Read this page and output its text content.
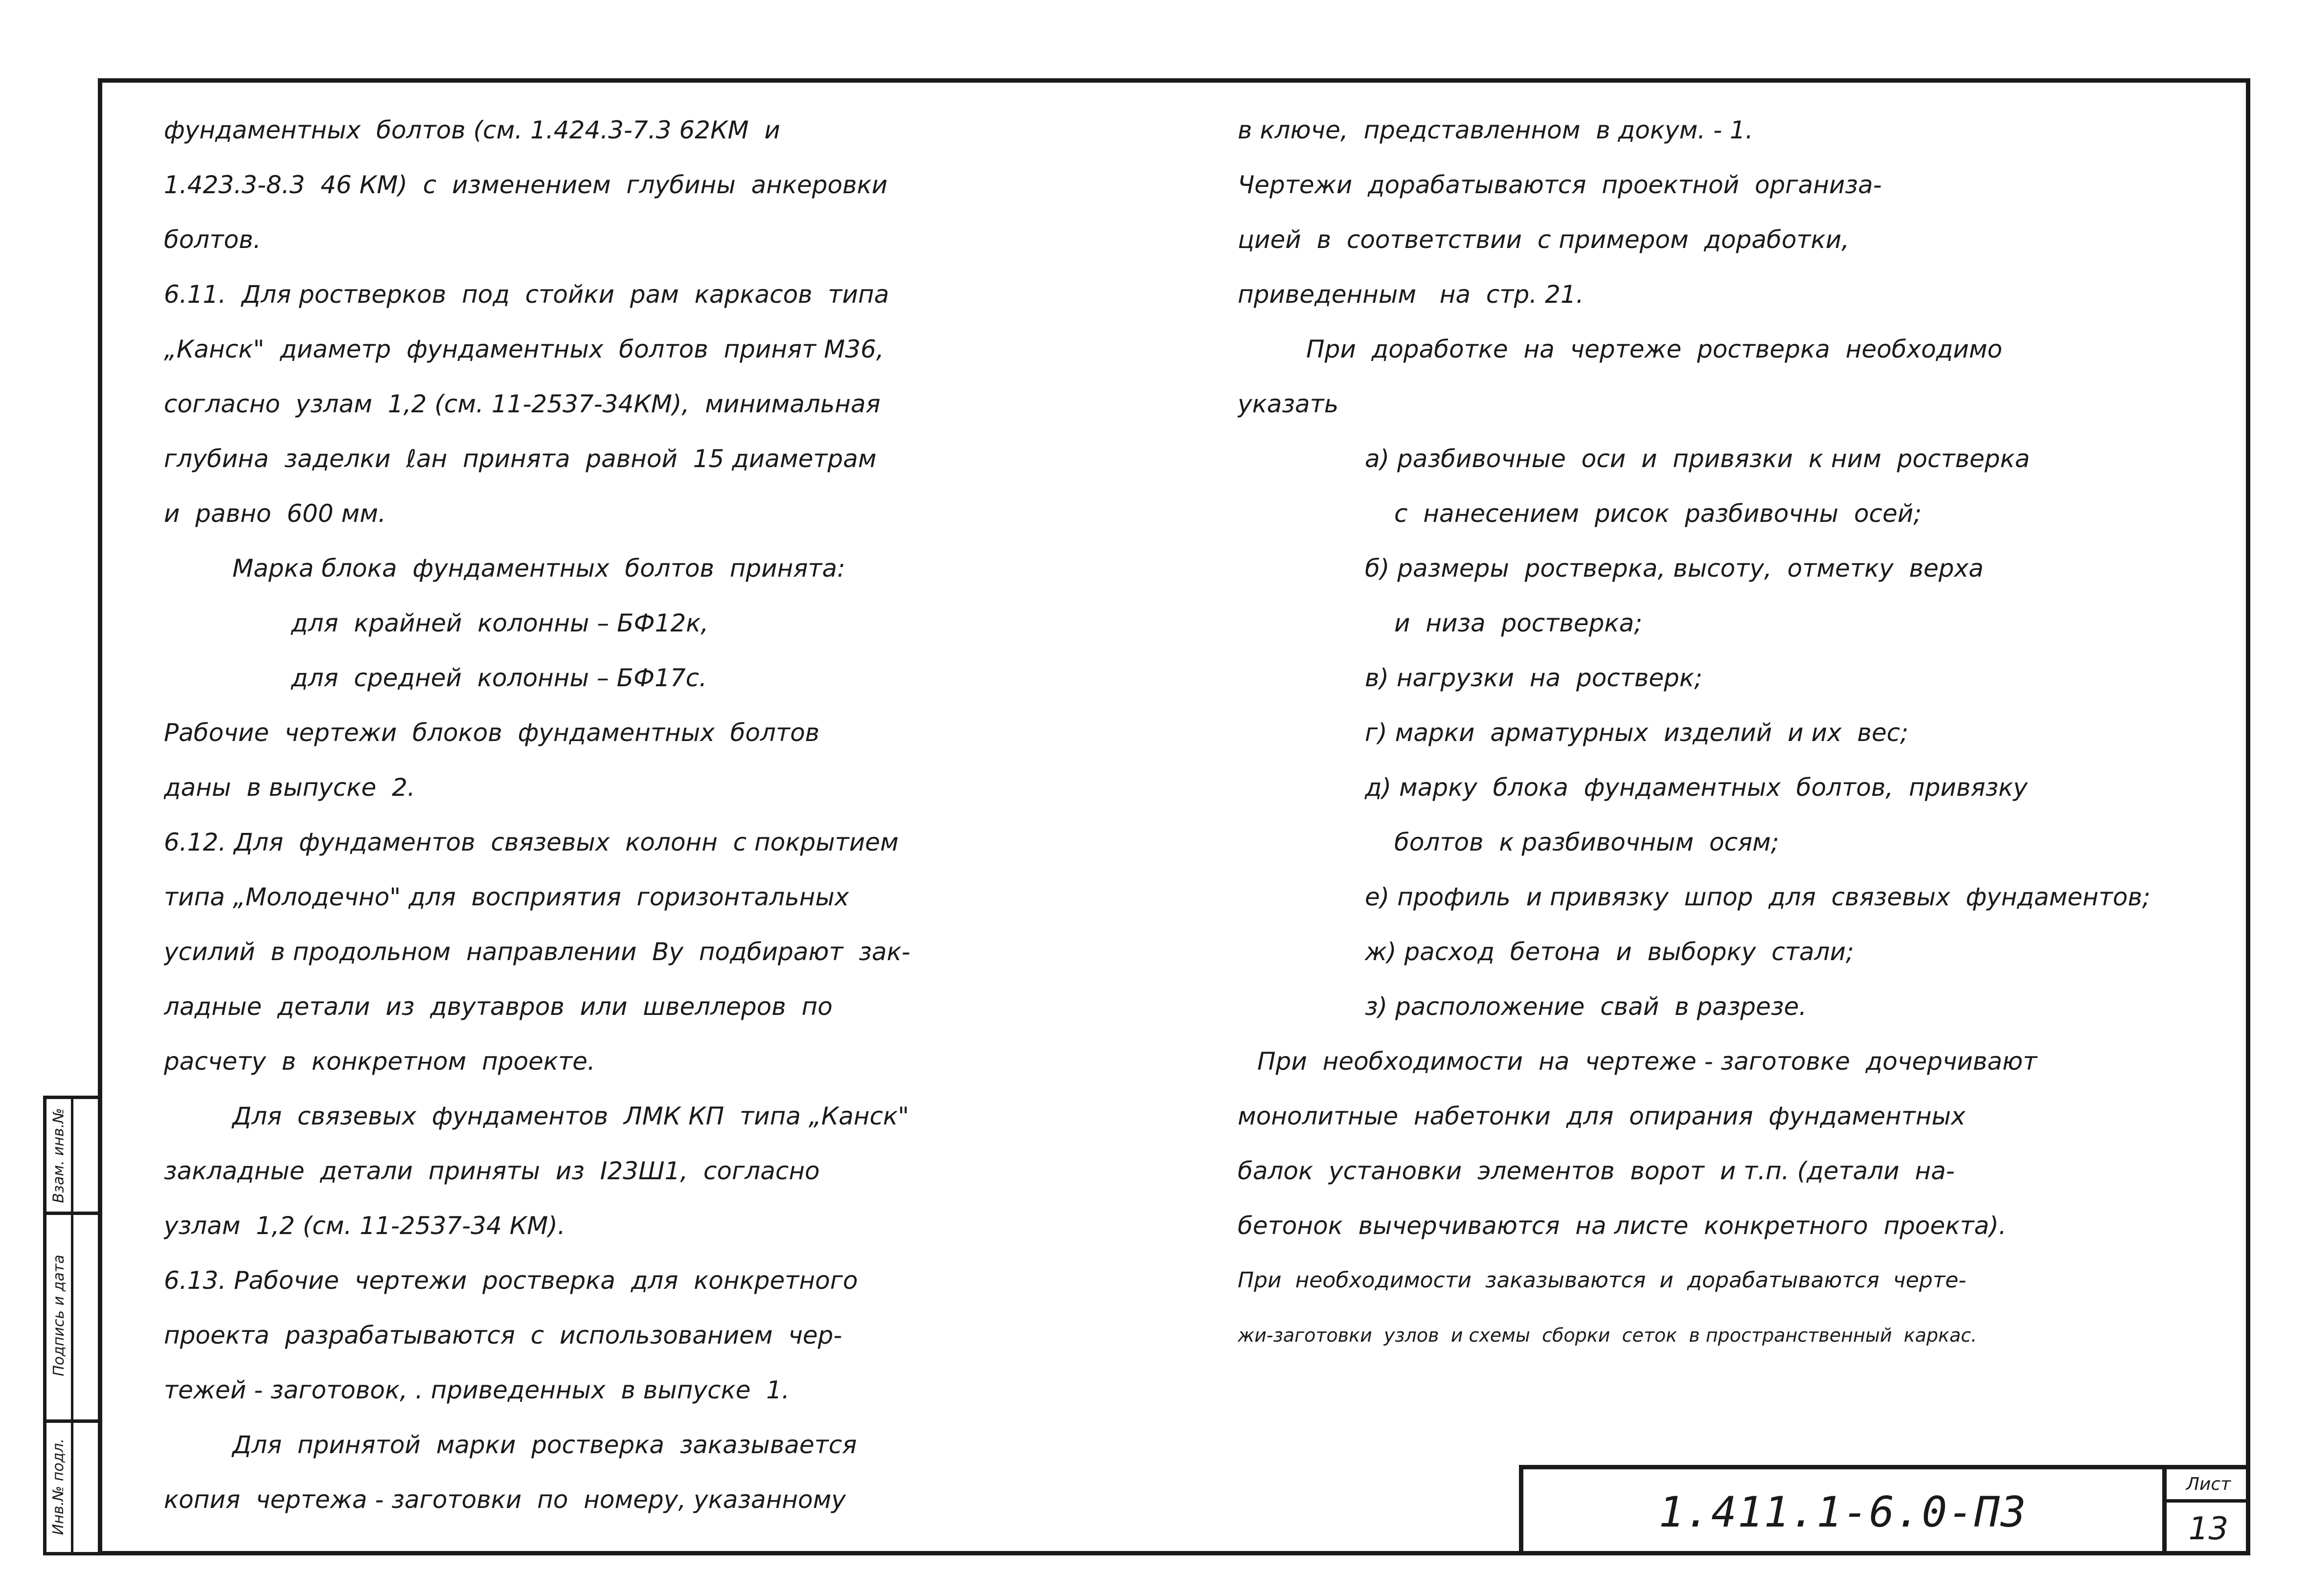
фундаментных  болтов (см. 1.424.3-7.3 62КМ  и
1.423.3-8.3  46 КМ)  с  изменением  глубины  анкеровки
болтов.
6.11.  Для ростверков  под  стойки  рам  каркасов  типа
„Канск"  диаметр  фундаментных  болтов  принят М36,
согласно  узлам  1,2 (см. 11-2537-34КМ),  минимальная
глубина  заделки  ℓан  принята  равной  15 диаметрам
и  равно  600 мм.
Марка блока  фундаментных  болтов  принята:
для  крайней  колонны – БФ12к,
для  средней  колонны – БФ17с.
Рабочие  чертежи  блоков  фундаментных  болтов
даны  в выпуске  2.
6.12. Для  фундаментов  связевых  колонн  с покрытием
типа „Молодечно" для  восприятия  горизонтальных
усилий  в продольном  направлении  Ву  подбирают  зак-
ладные  детали  из  двутавров  или  швеллеров  по
расчету  в  конкретном  проекте.
Для  связевых  фундаментов  ЛМК КП  типа „Канск"
закладные  детали  приняты  из  I23Ш1,  согласно
узлам  1,2 (см. 11-2537-34 КМ).
6.13. Рабочие  чертежи  ростверка  для  конкретного
проекта  разрабатываются  с  использованием  чер-
тежей - заготовок, . приведенных  в выпуске  1.
Для  принятой  марки  ростверка  заказывается
копия  чертежа - заготовки  по  номеру, указанному
в ключе,  представленном  в докум. - 1.
Чертежи  дорабатываются  проектной  организа-
цией  в  соответствии  с примером  доработки,
приведенным   на  стр. 21.
При  доработке  на  чертеже  ростверка  необходимо
указать
а) разбивочные  оси  и  привязки  к ним  ростверка
с  нанесением  рисок  разбивочны  осей;
б) размеры  ростверка, высоту,  отметку  верха
и  низа  ростверка;
в) нагрузки  на  ростверк;
г) марки  арматурных  изделий  и их  вес;
д) марку  блока  фундаментных  болтов,  привязку
болтов  к разбивочным  осям;
е) профиль  и привязку  шпор  для  связевых  фундаментов;
ж) расход  бетона  и  выборку  стали;
з) расположение  свай  в разрезе.
При  необходимости  на  чертеже - заготовке  дочерчивают
монолитные  набетонки  для  опирания  фундаментных
балок  установки  элементов  ворот  и т.п. (детали  на-
бетонок  вычерчиваются  на листе  конкретного  проекта).
При  необходимости  заказываются  и  дорабатываются  черте-
жи-заготовки  узлов  и схемы  сборки  сеток  в пространственный  каркас.
Взам. инв.№
Подпись и дата
Инв.№ подл.	1.411.1-6.0-ПЗ
Лист
13
